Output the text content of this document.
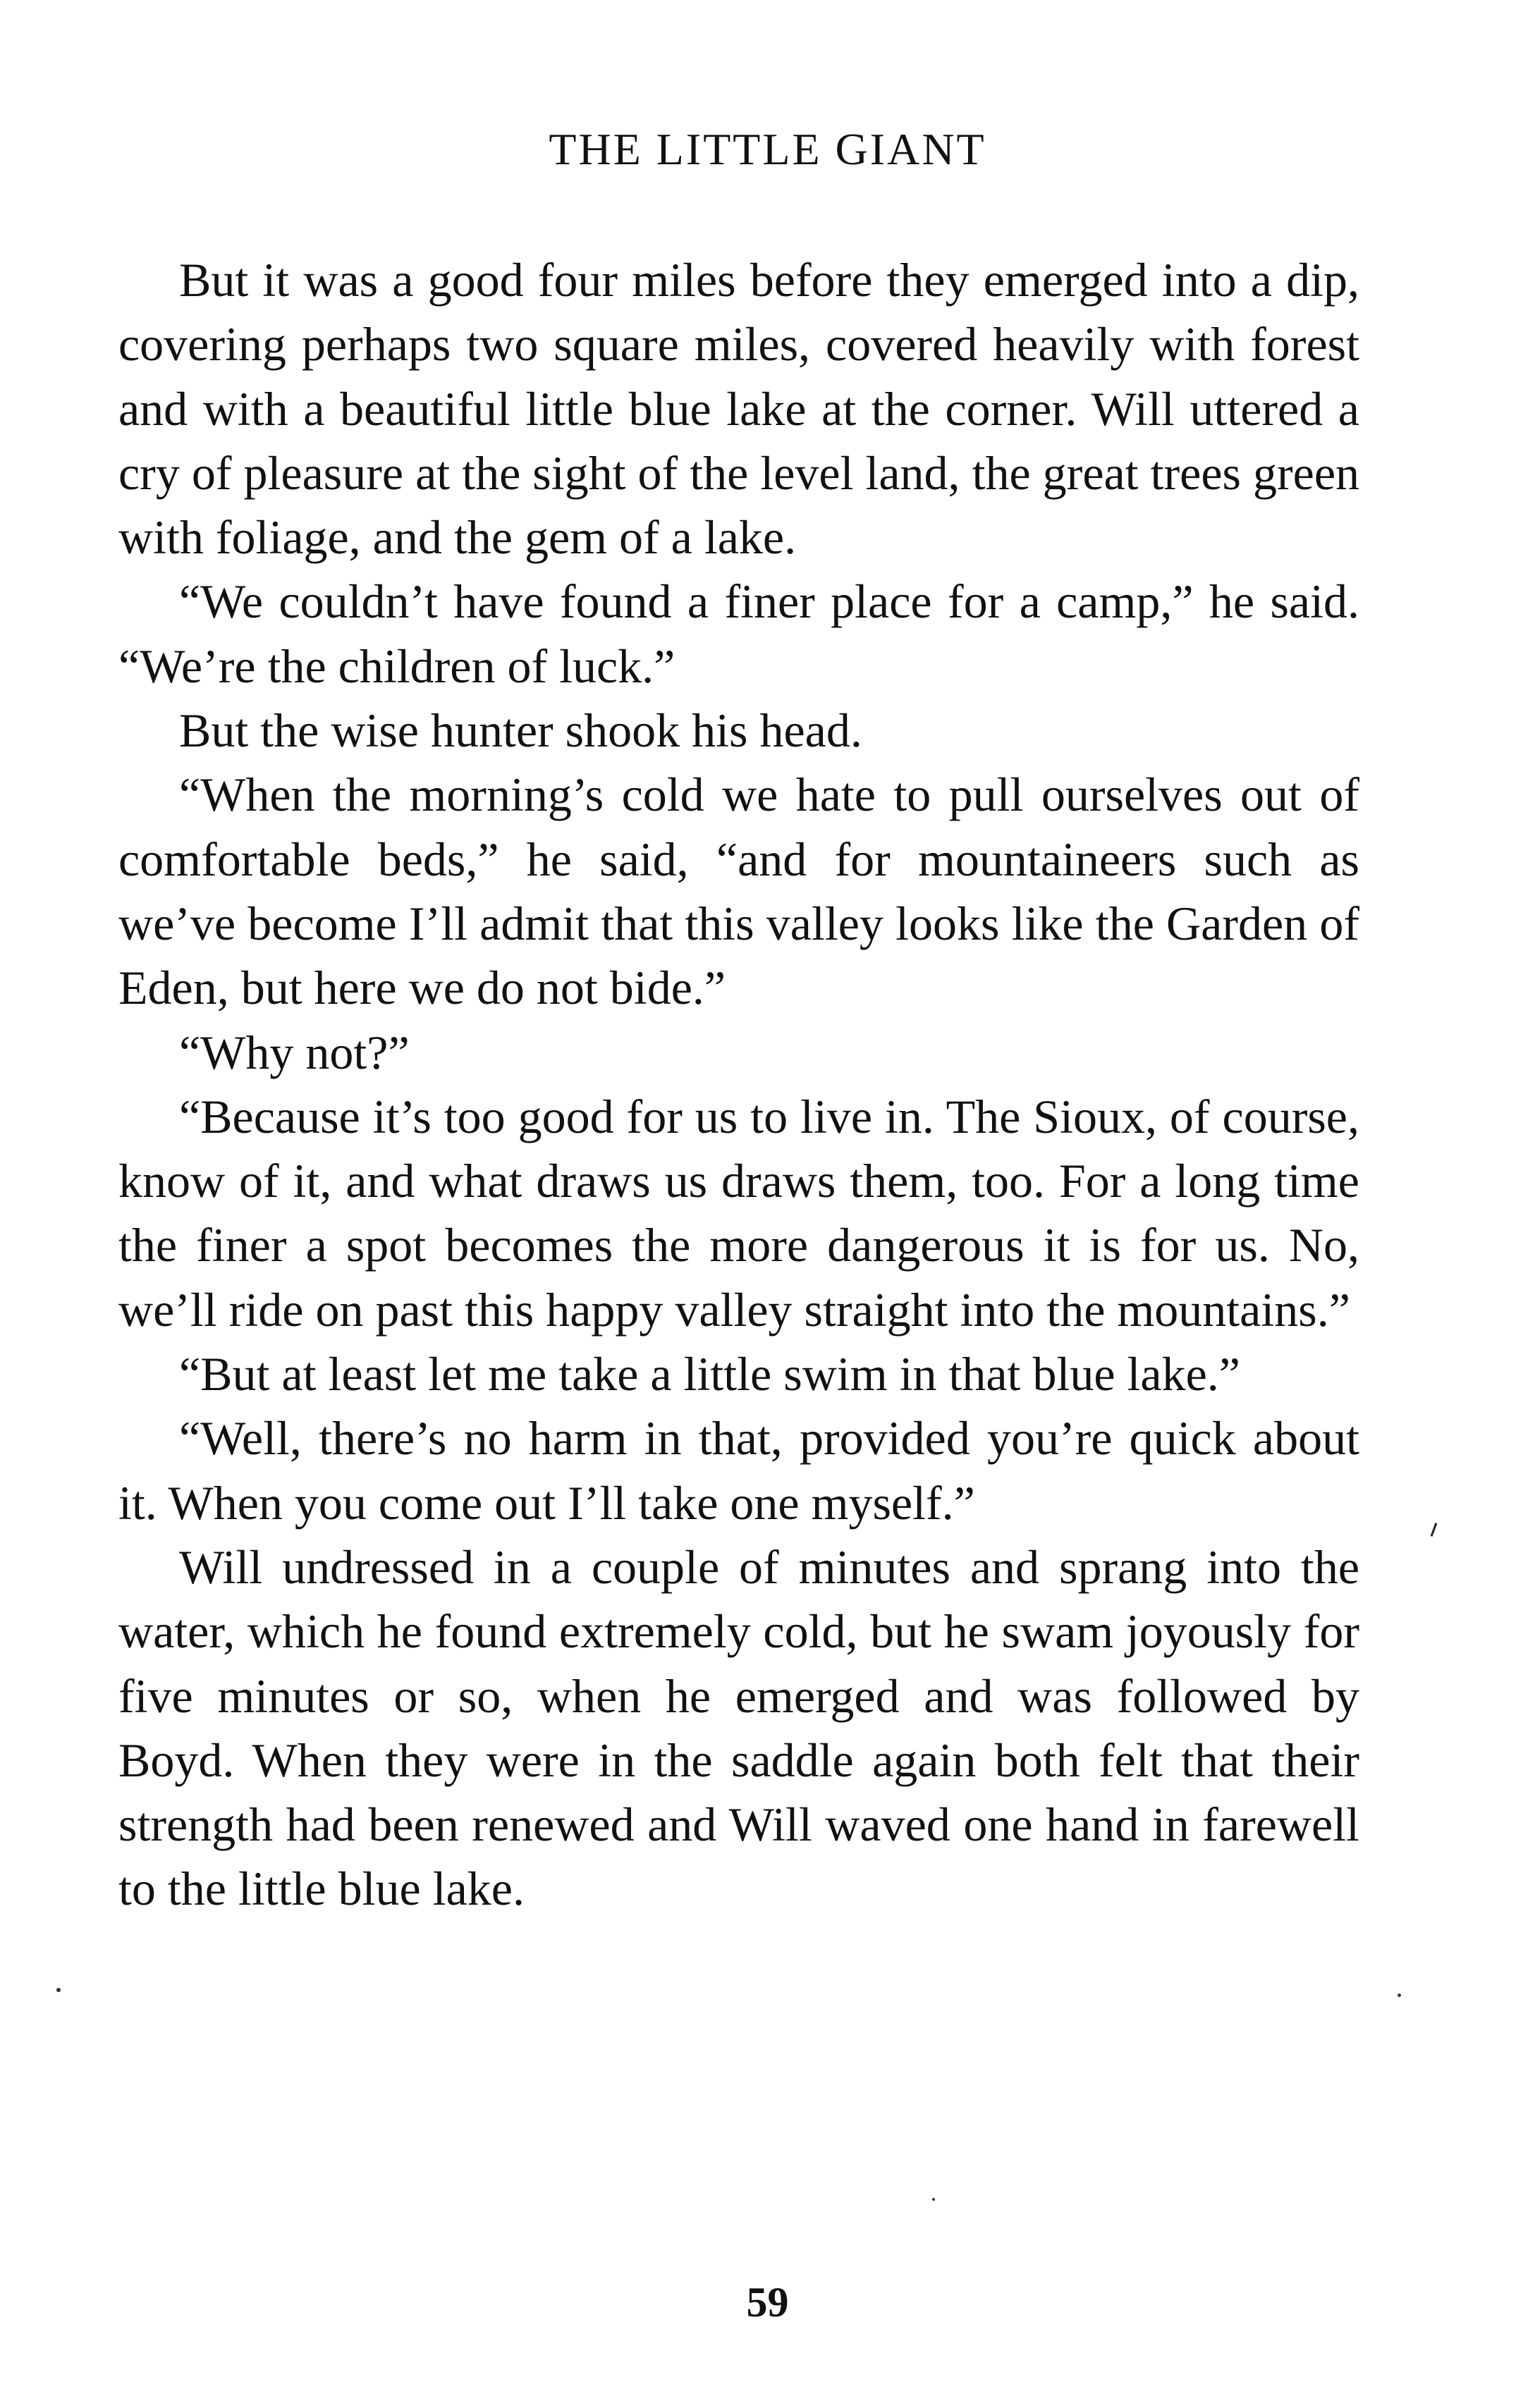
THE LITTLE GIANT

But it was a good four miles before they emerged into a dip, covering perhaps two square miles, covered heavily with forest and with a beautiful little blue lake at the corner. Will uttered a cry of pleasure at the sight of the level land, the great trees green with foliage, and the gem of a lake.

“We couldn’t have found a finer place for a camp,” he said. “We’re the children of luck.”

But the wise hunter shook his head.

“When the morning’s cold we hate to pull ourselves out of comfortable beds,” he said, “and for mountaineers such as we’ve become I’ll admit that this valley looks like the Garden of Eden, but here we do not bide.”

“Why not?”

“Because it’s too good for us to live in. The Sioux, of course, know of it, and what draws us draws them, too. For a long time the finer a spot becomes the more dangerous it is for us. No, we’ll ride on past this happy valley straight into the mountains.”

“But at least let me take a little swim in that blue lake.”

“Well, there’s no harm in that, provided you’re quick about it. When you come out I’ll take one myself.”

Will undressed in a couple of minutes and sprang into the water, which he found extremely cold, but he swam joyously for five minutes or so, when he emerged and was followed by Boyd. When they were in the saddle again both felt that their strength had been renewed and Will waved one hand in farewell to the little blue lake.

59
